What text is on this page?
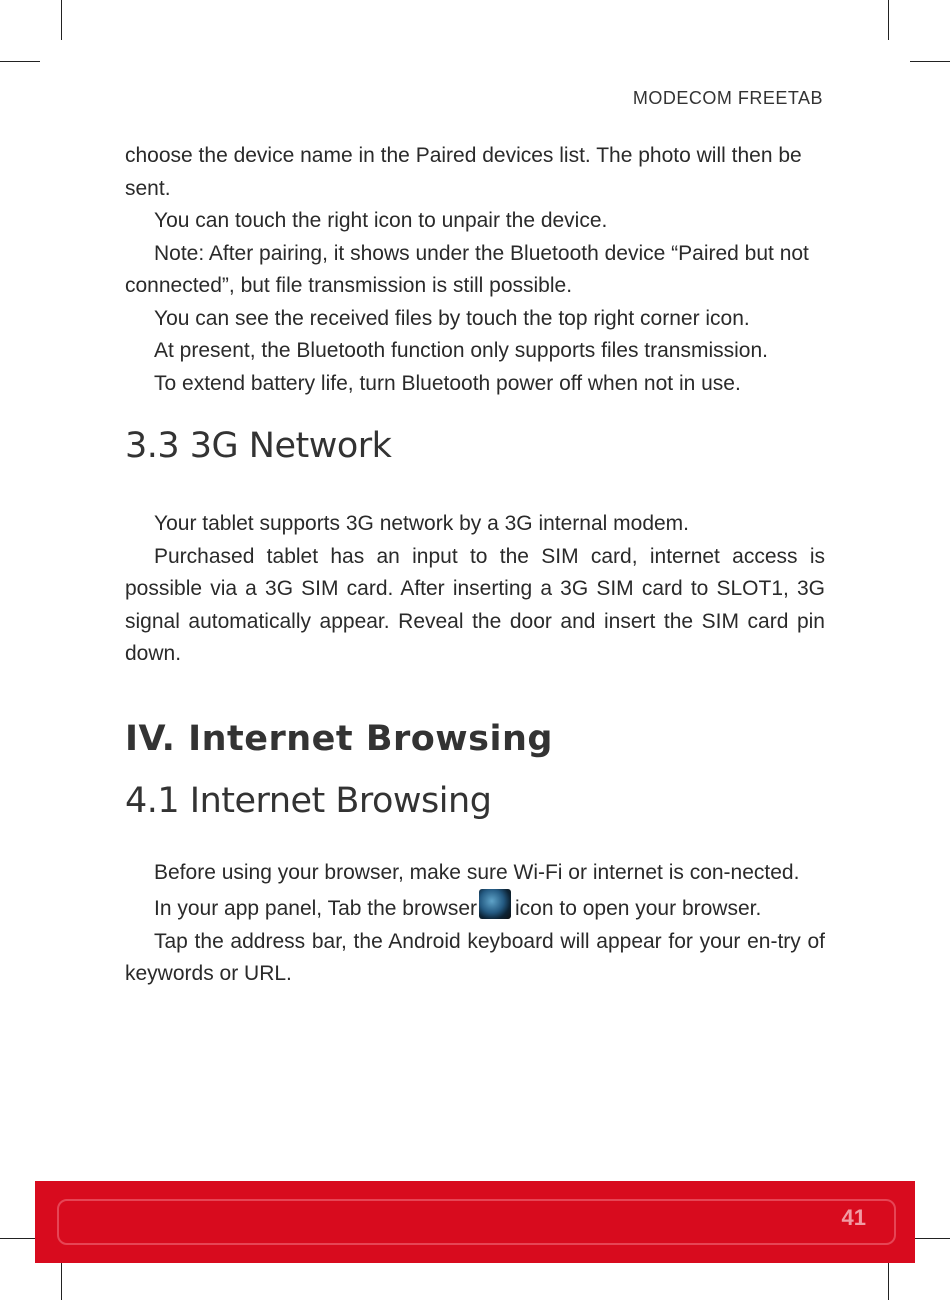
MODECOM FREETAB

choose the device name in the Paired devices list. The photo will then be sent.

You can touch the right icon to unpair the device.

Note: After pairing, it shows under the Bluetooth device “Paired but not connected”, but file transmission is still possible.

You can see the received files by touch the top right corner icon.

At present, the Bluetooth function only supports files transmission.

To extend battery life, turn Bluetooth power off when not in use.

3.3 3G Network

Your tablet supports 3G network by a 3G internal modem.

Purchased tablet has an input to the SIM card, internet access is possible via a 3G SIM card. After inserting a 3G SIM card to SLOT1, 3G signal automatically appear. Reveal the door and insert the SIM card pin down.

IV. Internet Browsing
4.1 Internet Browsing

Before using your browser, make sure Wi-Fi or internet is con-nected.

In your app panel, Tab the browser icon to open your browser.

Tap the address bar, the Android keyboard will appear for your en-try of keywords or URL.

41
